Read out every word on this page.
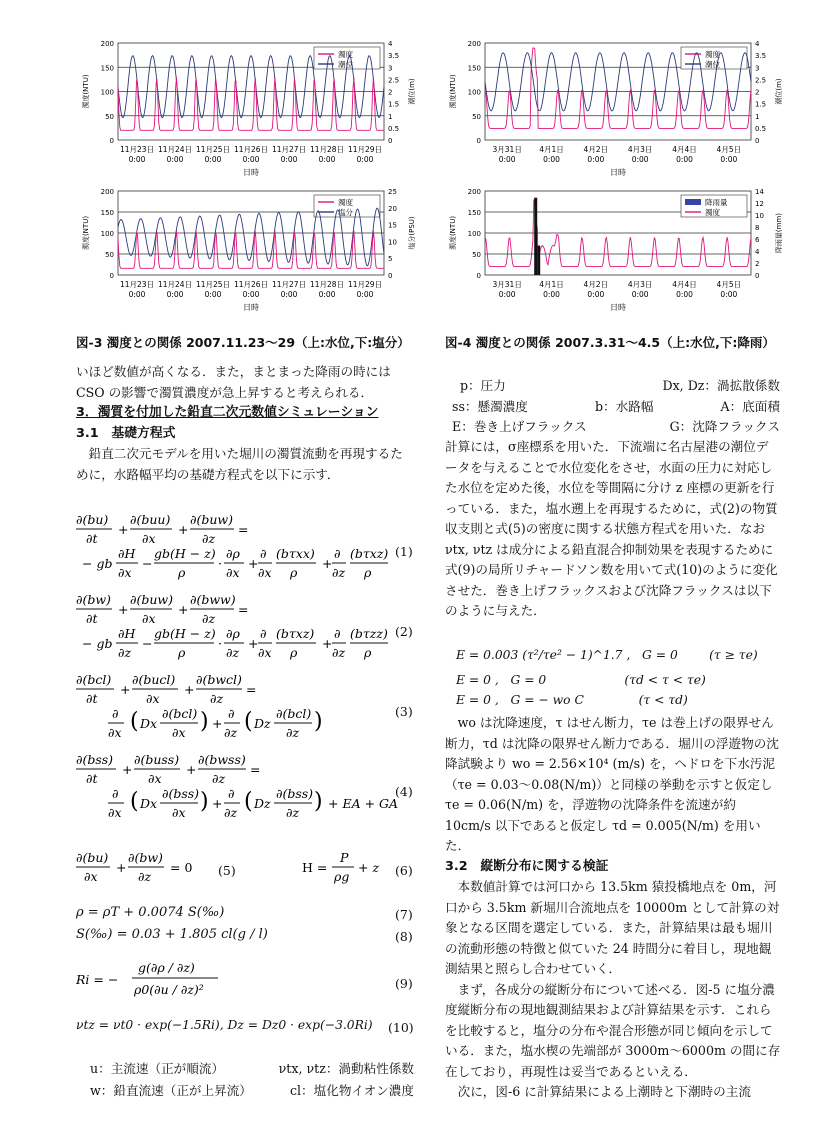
200
150
100
50
0
4
3.5
3
2.5
2
1.5
1
0.5
0
濁度(NTU)	潮位(m)
11月23日
0:00
11月24日
0:00
11月25日
0:00
11月26日
0:00
11月27日
0:00
11月28日
0:00
11月29日
0:00
日時
濁度
潮位
200
150
100
50
0
25
20
15
10
5
0
濁度(NTU)	塩分(PSU)
11月23日
0:00
11月24日
0:00
11月25日
0:00
11月26日
0:00
11月27日
0:00
11月28日
0:00
11月29日
0:00
日時
濁度
塩分
200
150
100
50
0
4
3.5
3
2.5
2
1.5
1
0.5
0
濁度(NTU)	潮位(m)
3月31日
0:00
4月1日
0:00
4月2日
0:00
4月3日
0:00
4月4日
0:00
4月5日
0:00
日時
濁度
潮位
200
150
100
50
0
14
12
10
8
6
4
2
0
濁度(NTU)	降雨量(mm)
3月31日
0:00
4月1日
0:00
4月2日
0:00
4月3日
0:00
4月4日
0:00
4月5日
0:00
日時
降雨量
濁度
図-3 濁度との関係 2007.11.23〜29（上:水位,下:塩分）	図-4 濁度との関係 2007.3.31〜4.5（上:水位,下:降雨）

いほど数値が高くなる．また，まとまった降雨の時には CSO の影響で濁質濃度が急上昇すると考えられる．

3．濁質を付加した鉛直二次元数値シミュレーション

3.1　基礎方程式

鉛直二次元モデルを用いた堀川の濁質流動を再現するために，水路幅平均の基礎方程式を以下に示す．

∂(bu)
∂t
+
∂(buu)
∂x
+
∂(buw)
∂z
=
− gb
∂H
∂x
−
gb(H − z)
ρ
·
∂ρ
∂x
+
∂
∂x
(bτxx)
ρ
+
∂
∂z
(bτxz)
ρ
∂(bw)
∂t
+
∂(buw)
∂x
+
∂(bww)
∂z
=
− gb
∂H
∂z
−
gb(H − z)
ρ
·
∂ρ
∂z
+
∂
∂x
(bτxz)
ρ
+
∂
∂z
(bτzz)
ρ
∂(bcl)
∂t
+
∂(bucl)
∂x
+
∂(bwcl)
∂z
=
∂
∂x ( Dx
∂(bcl)
∂x ) +
∂
∂z ( Dz
∂(bcl)
∂z )
∂(bss)
∂t
+
∂(buss)
∂x
+
∂(bwss)
∂z
=
∂
∂x ( Dx
∂(bss)
∂x ) +
∂
∂z ( Dz
∂(bss)
∂z ) + EA + GA
(1)
(2)
(3)
(4)
∂(bu)
∂x
+
∂(bw)
∂z
= 0	H =
P
ρg
+ z
(5)	(6)
ρ = ρT + 0.0074 S(‰)	(7)
S(‰) = 0.03 + 1.805 cl(g / l)	(8)
Ri = −
g(∂ρ / ∂z)
ρ0(∂u / ∂z)²	(9)
νtz = νt0 · exp(−1.5Ri), Dz = Dz0 · exp(−3.0Ri) (10)
u：主流速（正が順流）	νtx, νtz：渦動粘性係数
w：鉛直流速（正が上昇流）	cl：塩化物イオン濃度
p：圧力	Dx, Dz：渦拡散係数
ss：懸濁濃度	b：水路幅	A：底面積
E：巻き上げフラックス	G：沈降フラックス

計算には，σ座標系を用いた．下流端に名古屋港の潮位データを与えることで水位変化をさせ，水面の圧力に対応した水位を定めた後，水位を等間隔に分け z 座標の更新を行っている．また，塩水遡上を再現するために，式(2)の物質収支則と式(5)の密度に関する状態方程式を用いた．なお νtx, νtz は成分による鉛直混合抑制効果を表現するために式(9)の局所リチャードソン数を用いて式(10)のように変化させた．巻き上げフラックスおよび沈降フラックスは以下のように与えた．

E = 0.003 (τ²/τe² − 1)^1.7 ,   G = 0        (τ ≥ τe)
E = 0 ,   G = 0                    (τd < τ < τe)
E = 0 ,   G = − wo C              (τ < τd)

wo は沈降速度，τ はせん断力，τe は巻上げの限界せん断力，τd は沈降の限界せん断力である．堀川の浮遊物の沈降試験より wo = 2.56×10⁴ (m/s) を，ヘドロを下水汚泥（τe = 0.03〜0.08(N/m)）と同様の挙動を示すと仮定し τe = 0.06(N/m) を，浮遊物の沈降条件を流速が約 10cm/s 以下であると仮定し τd = 0.005(N/m) を用いた．

3.2　縦断分布に関する検証

本数値計算では河口から 13.5km 猿投橋地点を 0m，河口から 3.5km 新堀川合流地点を 10000m として計算の対象となる区間を選定している．また，計算結果は最も堀川の流動形態の特徴と似ていた 24 時間分に着目し，現地観測結果と照らし合わせていく．

まず，各成分の縦断分布について述べる．図-5 に塩分濃度縦断分布の現地観測結果および計算結果を示す．これらを比較すると，塩分の分布や混合形態が同じ傾向を示している．また，塩水楔の先端部が 3000m〜6000m の間に存在しており，再現性は妥当であるといえる．

次に，図-6 に計算結果による上潮時と下潮時の主流
